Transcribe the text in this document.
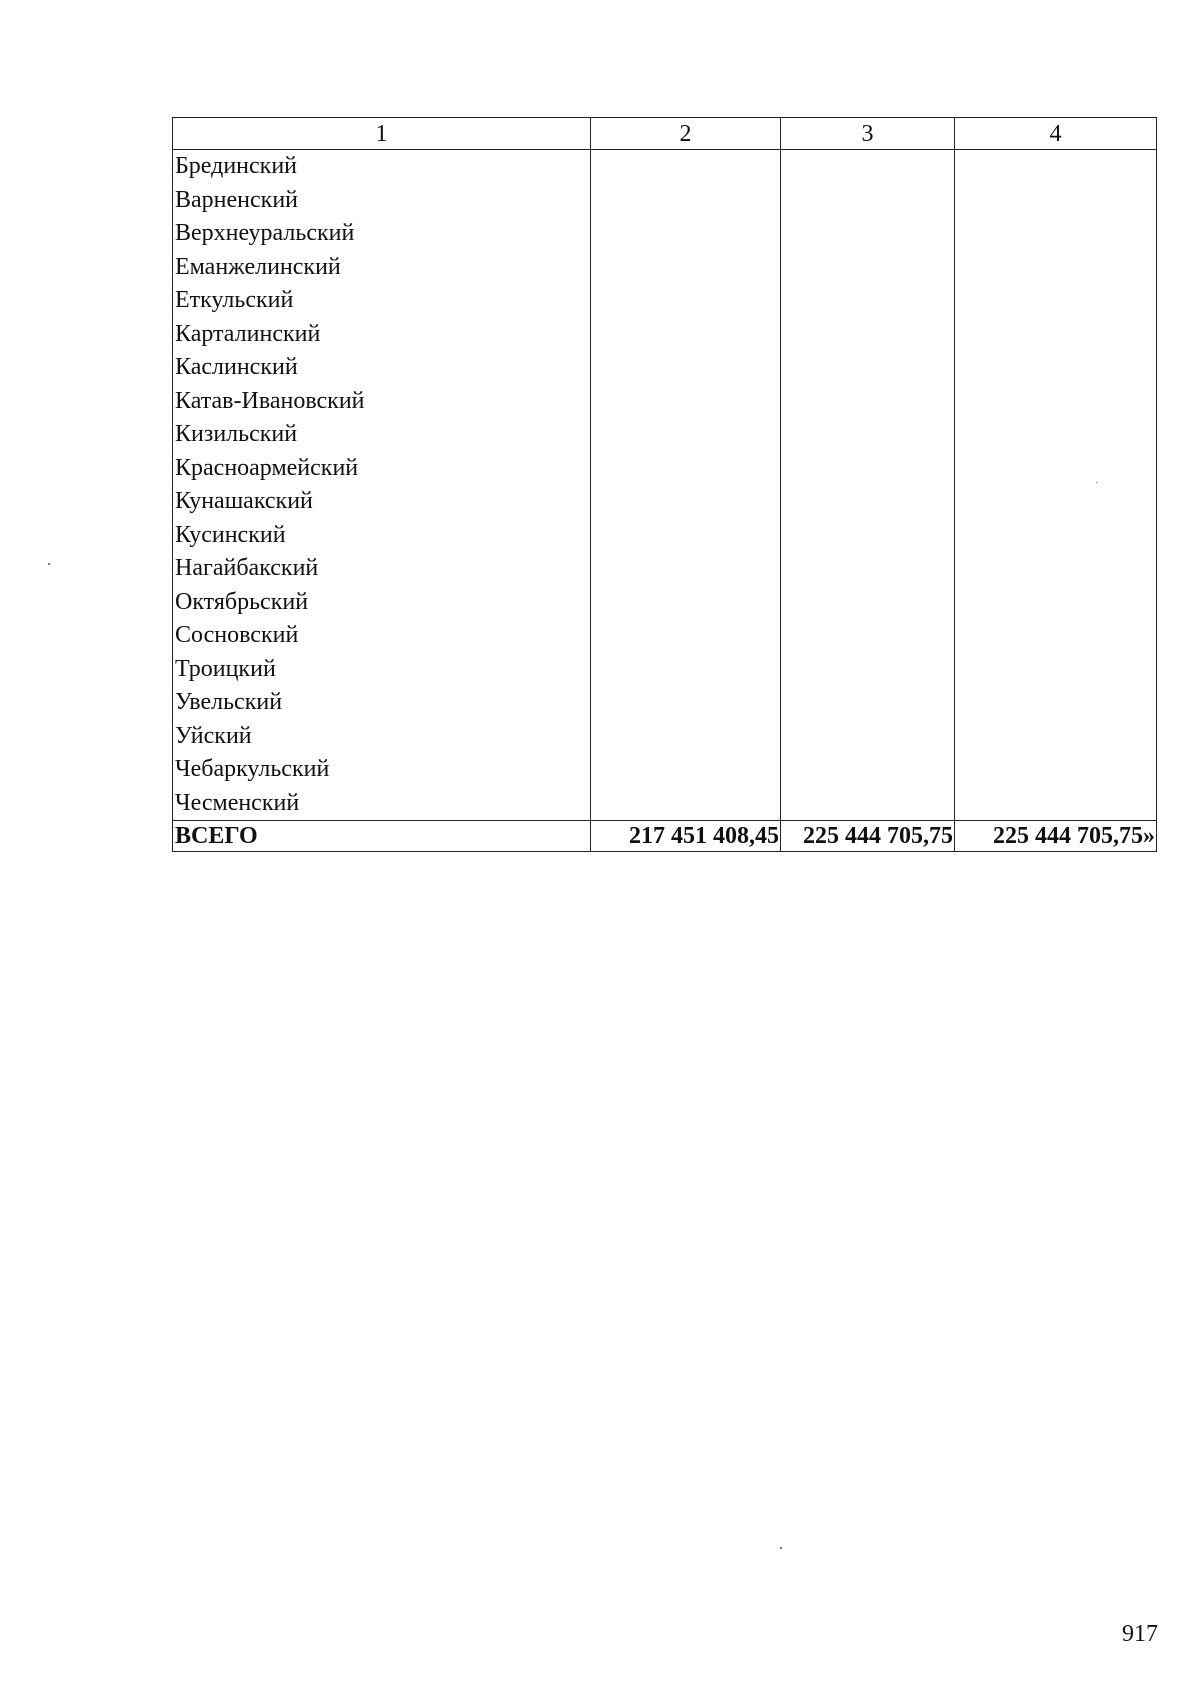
1	2	3	4
Брединский			
Варненский			
Верхнеуральский			
Еманжелинский			
Еткульский			
Карталинский			
Каслинский			
Катав-Ивановский			
Кизильский			
Красноармейский			
Кунашакский			
Кусинский			
Нагайбакский			
Октябрьский			
Сосновский			
Троицкий			
Увельский			
Уйский			
Чебаркульский			
Чесменский			
ВСЕГО	217 451 408,45	225 444 705,75	225 444 705,75»
917
